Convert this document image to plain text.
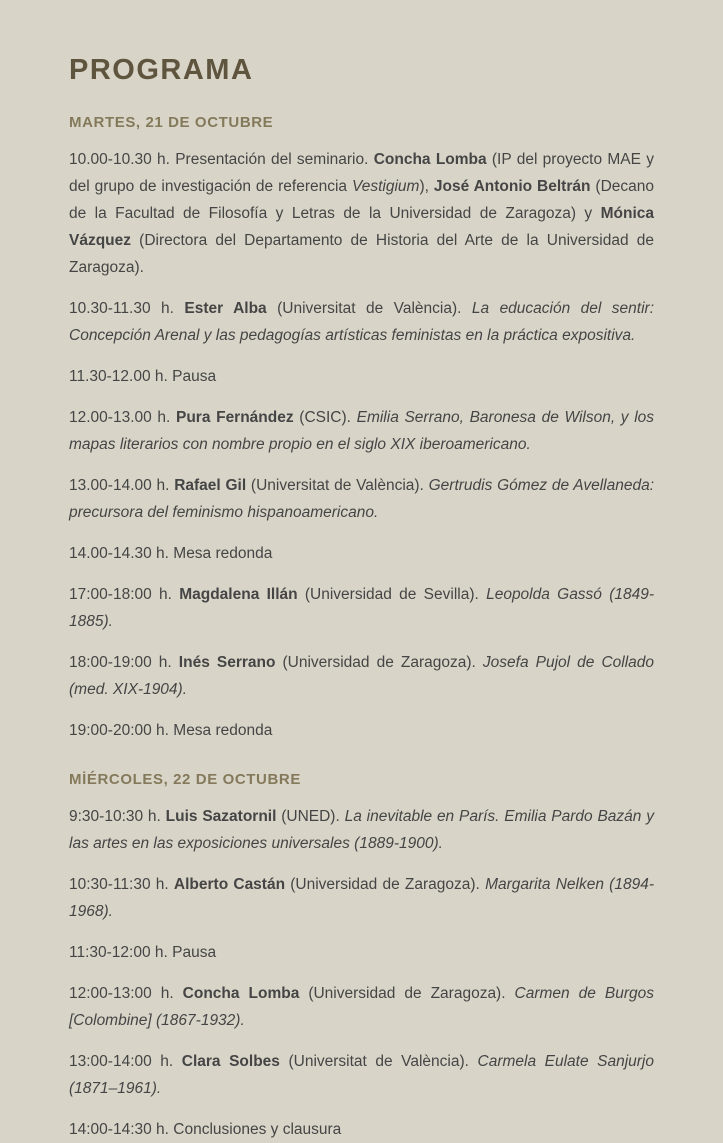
PROGRAMA
MARTES, 21 DE OCTUBRE

10.00-10.30 h. Presentación del seminario. Concha Lomba (IP del proyecto MAE y del grupo de investigación de referencia Vestigium), José Antonio Beltrán (Decano de la Facultad de Filosofía y Letras de la Universidad de Zaragoza) y Mónica Vázquez (Directora del Departamento de Historia del Arte de la Universidad de Zaragoza).

10.30-11.30 h. Ester Alba (Universitat de València). La educación del sentir: Concepción Arenal y las pedagogías artísticas feministas en la práctica expositiva.

11.30-12.00 h. Pausa

12.00-13.00 h. Pura Fernández (CSIC). Emilia Serrano, Baronesa de Wilson, y los mapas literarios con nombre propio en el siglo XIX iberoamericano.

13.00-14.00 h. Rafael Gil (Universitat de València). Gertrudis Gómez de Avellaneda: precursora del feminismo hispanoamericano.

14.00-14.30 h. Mesa redonda

17:00-18:00 h. Magdalena Illán (Universidad de Sevilla). Leopolda Gassó (1849-1885).

18:00-19:00 h. Inés Serrano (Universidad de Zaragoza). Josefa Pujol de Collado (med. XIX-1904).

19:00-20:00 h. Mesa redonda

MİÉRCOLES, 22 DE OCTUBRE

9:30-10:30 h. Luis Sazatornil (UNED). La inevitable en París. Emilia Pardo Bazán y las artes en las exposiciones universales (1889-1900).

10:30-11:30 h. Alberto Castán (Universidad de Zaragoza). Margarita Nelken (1894-1968).

11:30-12:00 h. Pausa

12:00-13:00 h. Concha Lomba (Universidad de Zaragoza). Carmen de Burgos [Colombine] (1867-1932).

13:00-14:00 h. Clara Solbes (Universitat de València). Carmela Eulate Sanjurjo (1871–1961).

14:00-14:30 h. Conclusiones y clausura
